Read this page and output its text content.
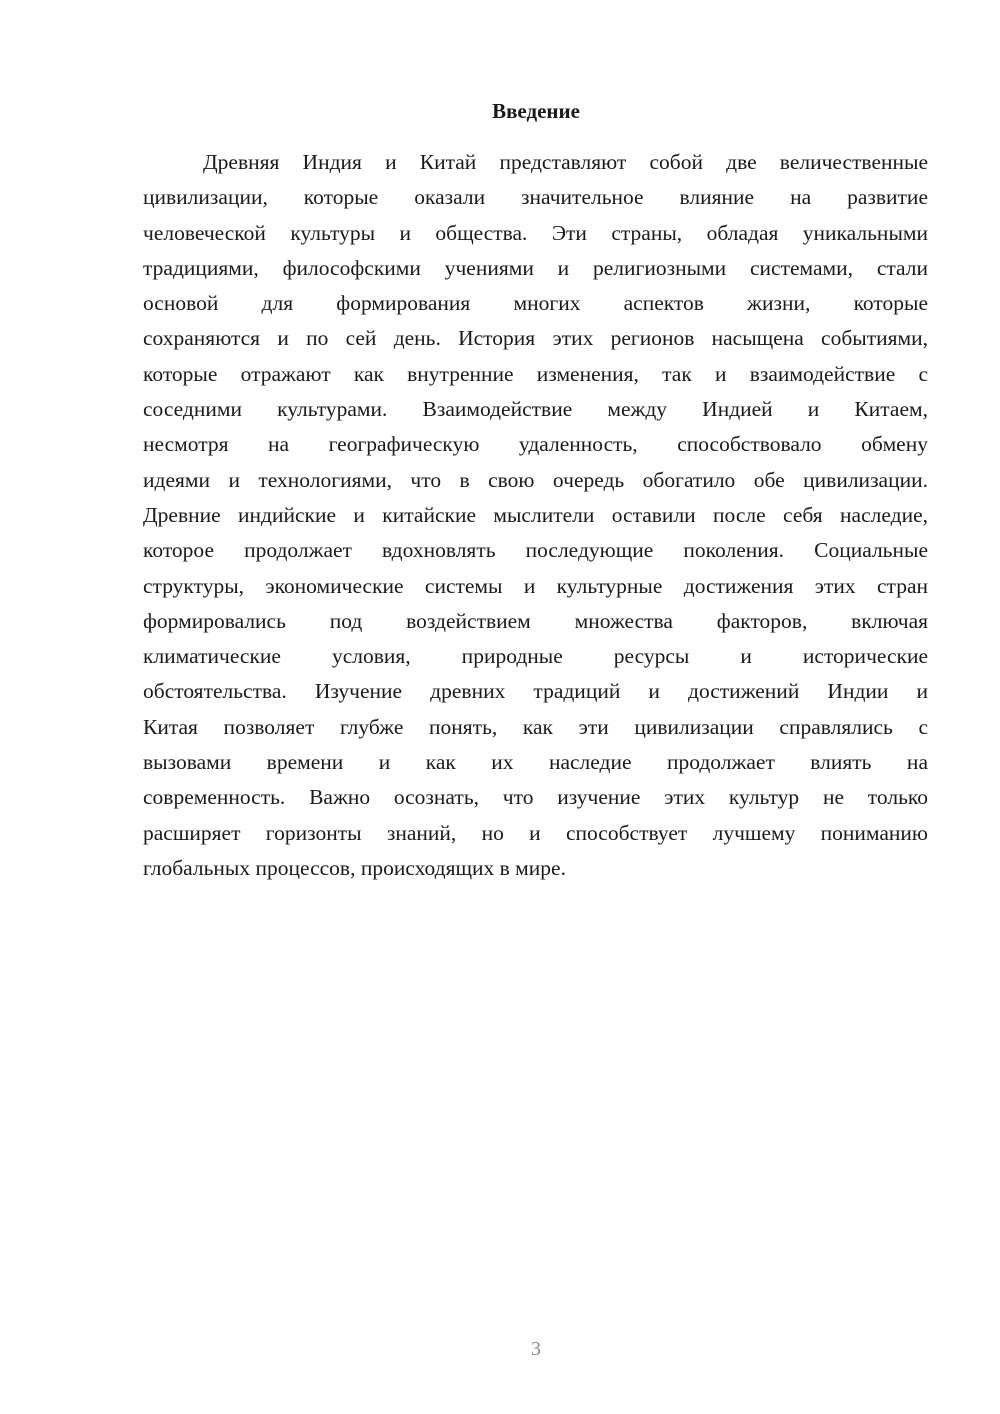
Введение
Древняя Индия и Китай представляют собой две величественные
цивилизации, которые оказали значительное влияние на развитие
человеческой культуры и общества. Эти страны, обладая уникальными
традициями, философскими учениями и религиозными системами, стали
основой для формирования многих аспектов жизни, которые
сохраняются и по сей день. История этих регионов насыщена событиями,
которые отражают как внутренние изменения, так и взаимодействие с
соседними культурами. Взаимодействие между Индией и Китаем,
несмотря на географическую удаленность, способствовало обмену
идеями и технологиями, что в свою очередь обогатило обе цивилизации.
Древние индийские и китайские мыслители оставили после себя наследие,
которое продолжает вдохновлять последующие поколения. Социальные
структуры, экономические системы и культурные достижения этих стран
формировались под воздействием множества факторов, включая
климатические условия, природные ресурсы и исторические
обстоятельства. Изучение древних традиций и достижений Индии и
Китая позволяет глубже понять, как эти цивилизации справлялись с
вызовами времени и как их наследие продолжает влиять на
современность. Важно осознать, что изучение этих культур не только
расширяет горизонты знаний, но и способствует лучшему пониманию
глобальных процессов, происходящих в мире.
3
